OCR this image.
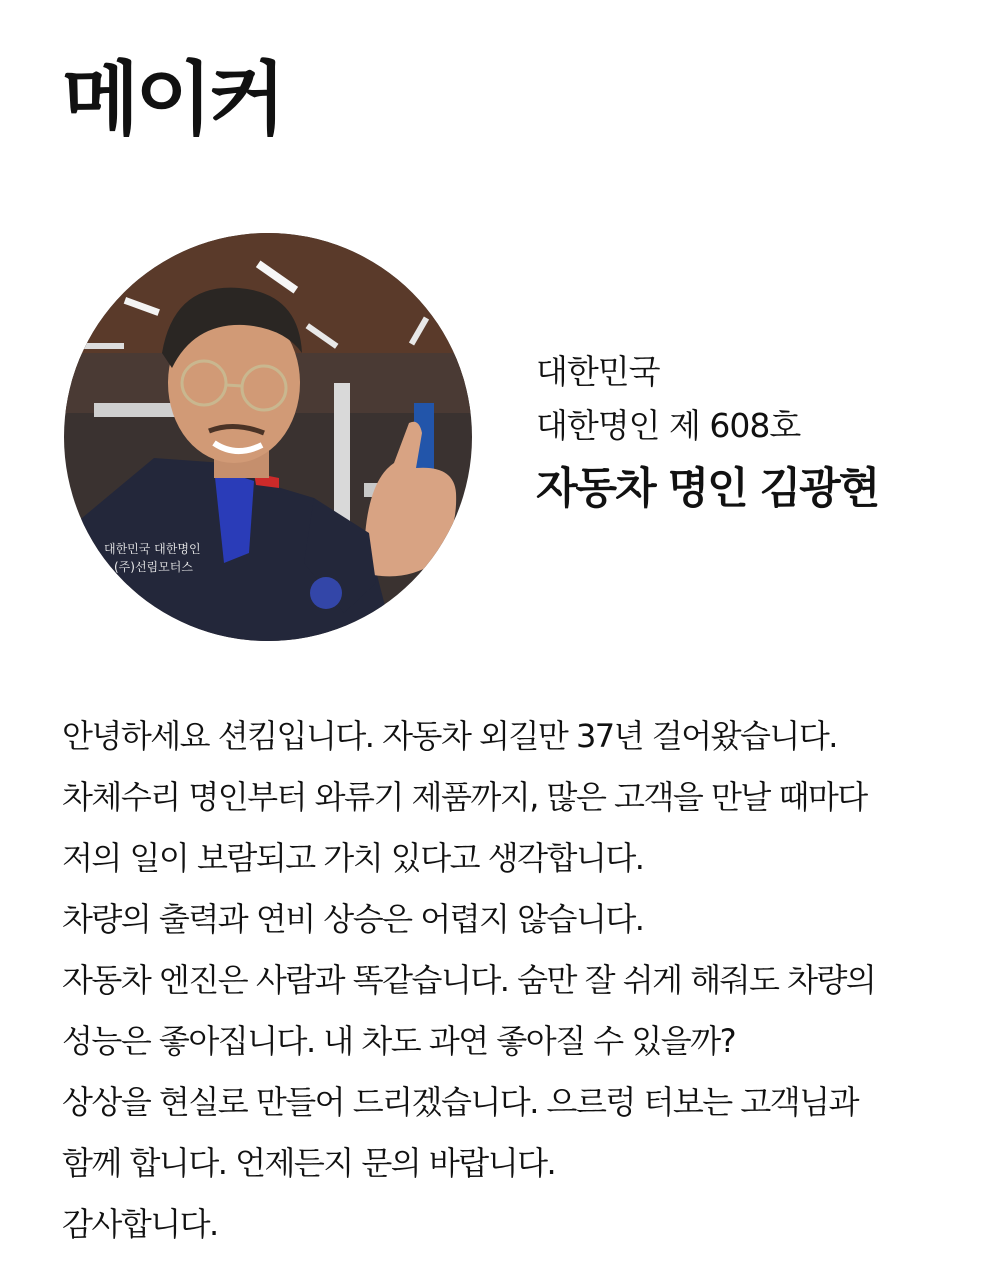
메이커
대한민국 대한명인
(주)선림모터스
대한민국
대한명인 제 608호
자동차 명인 김광현
안녕하세요 션킴입니다. 자동차 외길만 37년 걸어왔습니다.
차체수리 명인부터 와류기 제품까지, 많은 고객을 만날 때마다
저의 일이 보람되고 가치 있다고 생각합니다.
차량의 출력과 연비 상승은 어렵지 않습니다.
자동차 엔진은 사람과 똑같습니다. 숨만 잘 쉬게 해줘도 차량의
성능은 좋아집니다. 내 차도 과연 좋아질 수 있을까?
상상을 현실로 만들어 드리겠습니다. 으르렁 터보는 고객님과
함께 합니다. 언제든지 문의 바랍니다.
감사합니다.
